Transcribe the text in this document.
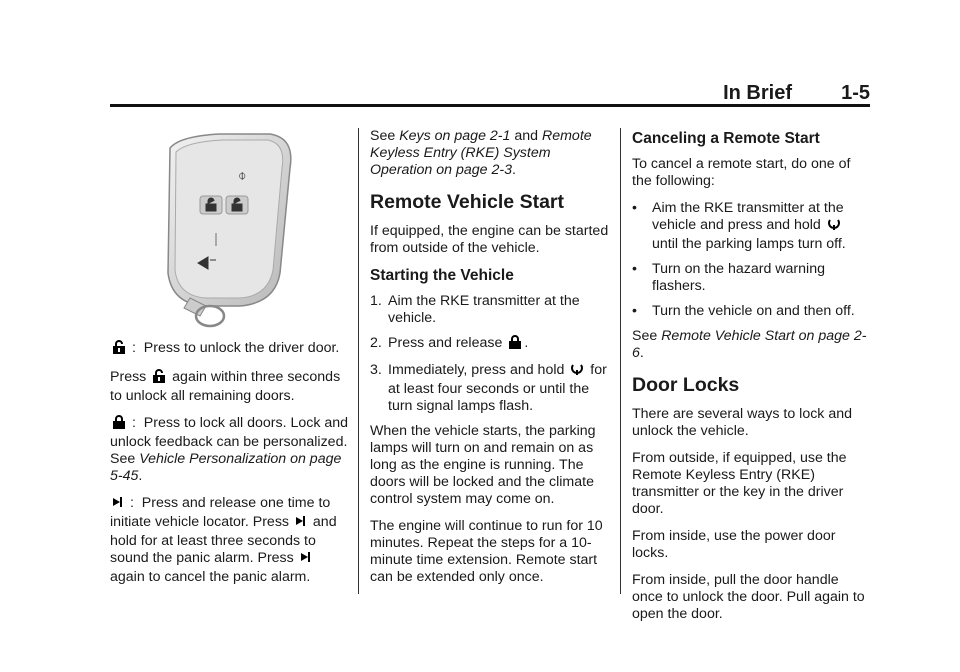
In Brief 1-5
⌽

: Press to unlock the driver door.

Press again within three seconds to unlock all remaining doors.

: Press to lock all doors. Lock and unlock feedback can be personalized. See Vehicle Personalization on page 5-45.

: Press and release one time to initiate vehicle locator. Press and hold for at least three seconds to sound the panic alarm. Press  again to cancel the panic alarm.

See Keys on page 2-1 and Remote Keyless Entry (RKE) System Operation on page 2-3.

Remote Vehicle Start

If equipped, the engine can be started from outside of the vehicle.

Starting the Vehicle
1. Aim the RKE transmitter at the vehicle.
2. Press and release .
3. Immediately, press and hold for at least four seconds or until the turn signal lamps flash.

When the vehicle starts, the parking lamps will turn on and remain on as long as the engine is running. The doors will be locked and the climate control system may come on.

The engine will continue to run for 10 minutes. Repeat the steps for a 10-minute time extension. Remote start can be extended only once.

Canceling a Remote Start

To cancel a remote start, do one of the following:

•	Aim the RKE transmitter at the vehicle and press and hold  until the parking lamps turn off.
•	Turn on the hazard warning flashers.
•	Turn the vehicle on and then off.

See Remote Vehicle Start on page 2-6.

Door Locks

There are several ways to lock and unlock the vehicle.

From outside, if equipped, use the Remote Keyless Entry (RKE) transmitter or the key in the driver door.

From inside, use the power door locks.

From inside, pull the door handle once to unlock the door. Pull again to open the door.
